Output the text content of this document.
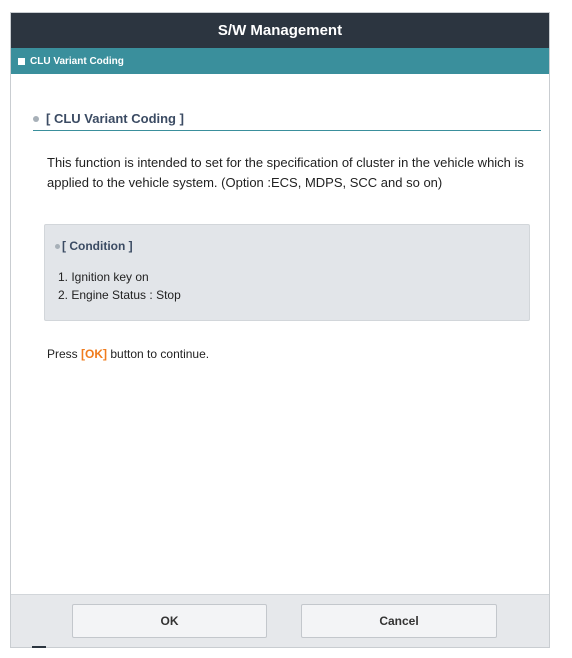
S/W Management
CLU Variant Coding
[ CLU Variant Coding ]
This function is intended to set for the specification of cluster in the vehicle which is applied to the vehicle system. (Option :ECS, MDPS, SCC and so on)
[ Condition ]
1. Ignition key on
2. Engine Status : Stop
Press [OK] button to continue.
OK	Cancel
